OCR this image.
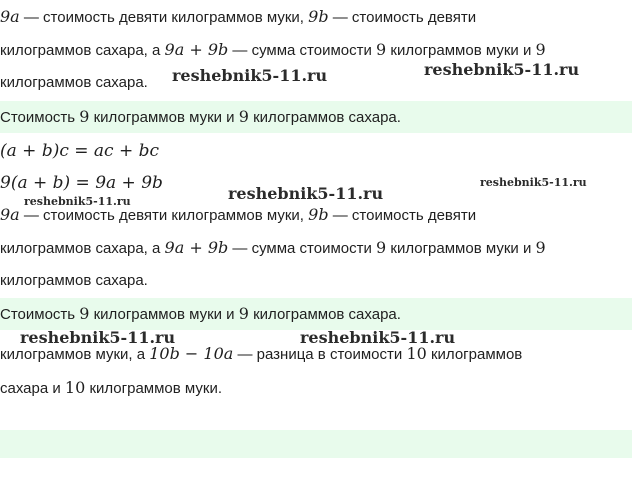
9a — стоимость девяти килограммов муки, 9b — стоимость девяти
килограммов сахара, а 9a + 9b — сумма стоимости 9 килограммов муки и 9
килограммов сахара.
Стоимость 9 килограммов муки и 9 килограммов сахара.
(a + b)c = ac + bc
9(a + b) = 9a + 9b
9a — стоимость девяти килограммов муки, 9b — стоимость девяти
килограммов сахара, а 9a + 9b — сумма стоимости 9 килограммов муки и 9
килограммов сахара.
Стоимость 9 килограммов муки и 9 килограммов сахара.
килограммов муки, а 10b − 10a — разница в стоимости 10 килограммов
сахара и 10 килограммов муки.
reshebnik5-11.ru	reshebnik5-11.ru
reshebnik5-11.ru
reshebnik5-11.ru
reshebnik5-11.ru
reshebnik5-11.ru	reshebnik5-11.ru
